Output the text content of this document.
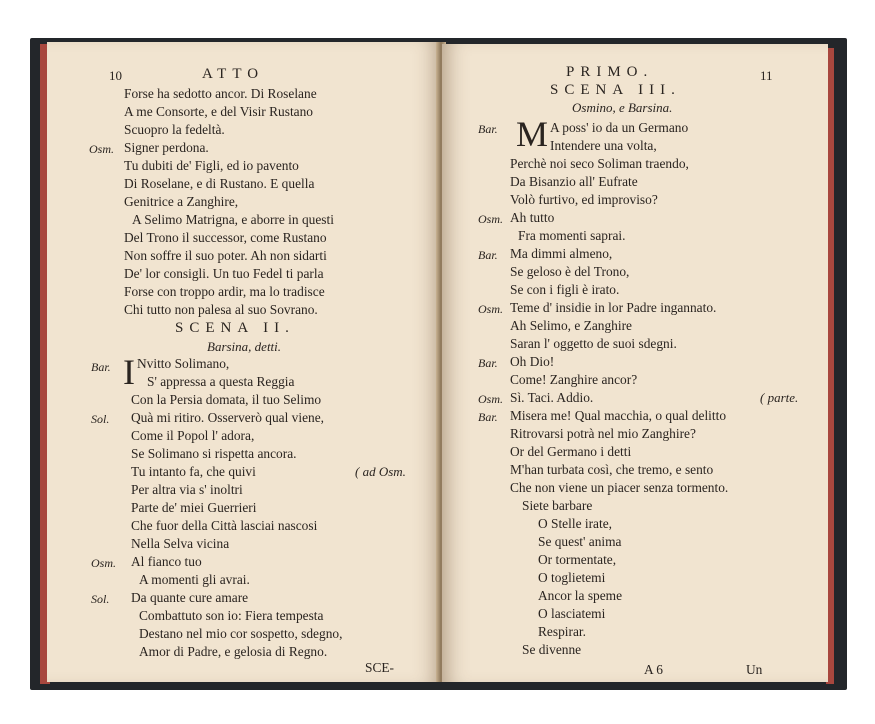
10	ATTO
Forse ha sedotto ancor. Di Roselane
A me Consorte, e del Visir Rustano
Scuopro la fedeltà.
Osm. Signer perdona.
Tu dubiti de' Figli, ed io pavento
Di Roselane, e di Rustano. E quella
Genitrice a Zanghire,
A Selimo Matrigna, e aborre in questi
Del Trono il successor, come Rustano
Non soffre il suo poter. Ah non sidarti
De' lor consigli. Un tuo Fedel ti parla
Forse con troppo ardir, ma lo tradisce
Chi tutto non palesa al suo Sovrano.
SCENA II.
Barsina, detti.
Bar. I Nvitto Solimano,
S' appressa a questa Reggia
Con la Persia domata, il tuo Selimo
Sol. Quà mi ritiro. Osserverò qual viene,
Come il Popol l' adora,
Se Solimano si rispetta ancora.
Tu intanto fa, che quivi	( ad Osm.
Per altra via s' inoltri
Parte de' miei Guerrieri
Che fuor della Città lasciai nascosi
Nella Selva vicina
Osm. Al fianco tuo
A momenti gli avrai.
Sol. Da quante cure amare
Combattuto son io: Fiera tempesta
Destano nel mio cor sospetto, sdegno,
Amor di Padre, e gelosia di Regno.
SCE-
PRIMO.	11
SCENA III.
Osmino, e Barsina.
Bar. M A poss' io da un Germano
Intendere una volta,
Perchè noi seco Soliman traendo,
Da Bisanzio all' Eufrate
Volò furtivo, ed improviso?
Osm. Ah tutto
Fra momenti saprai.
Bar. Ma dimmi almeno,
Se geloso è del Trono,
Se con i figli è irato.
Osm. Teme d' insidie in lor Padre ingannato.
Ah Selimo, e Zanghire
Saran l' oggetto de suoi sdegni.
Bar. Oh Dio!
Come! Zanghire ancor?
Osm. Sì. Taci. Addio.	( parte.
Bar. Misera me! Qual macchia, o qual delitto
Ritrovarsi potrà nel mio Zanghire?
Or del Germano i detti
M'han turbata così, che tremo, e sento
Che non viene un piacer senza tormento.
Siete barbare
O Stelle irate,
Se quest' anima
Or tormentate,
O toglietemi
Ancor la speme
O lasciatemi
Respirar.
Se divenne
A 6	Un
